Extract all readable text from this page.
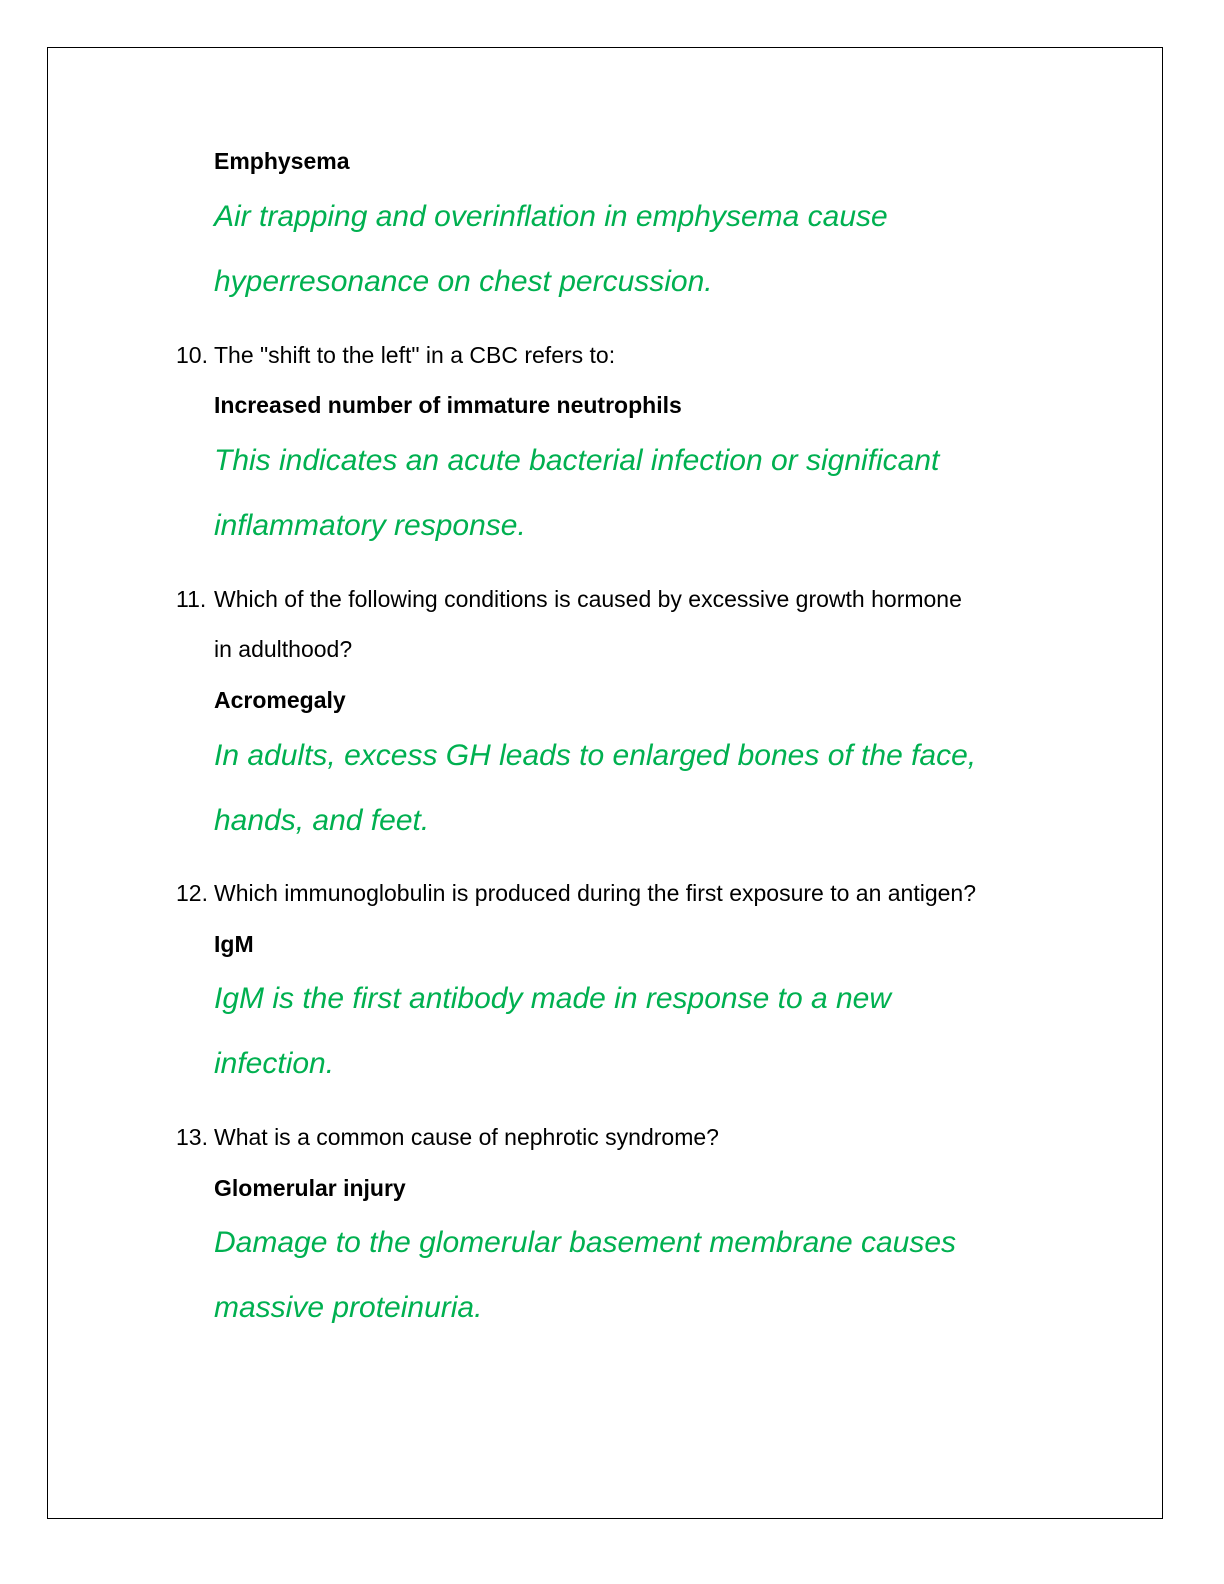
Emphysema
Air trapping and overinflation in emphysema cause
hyperresonance on chest percussion.
10. The "shift to the left" in a CBC refers to:
Increased number of immature neutrophils
This indicates an acute bacterial infection or significant
inflammatory response.
11. Which of the following conditions is caused by excessive growth hormone
in adulthood?
Acromegaly
In adults, excess GH leads to enlarged bones of the face,
hands, and feet.
12. Which immunoglobulin is produced during the first exposure to an antigen?
IgM
IgM is the first antibody made in response to a new
infection.
13. What is a common cause of nephrotic syndrome?
Glomerular injury
Damage to the glomerular basement membrane causes
massive proteinuria.
